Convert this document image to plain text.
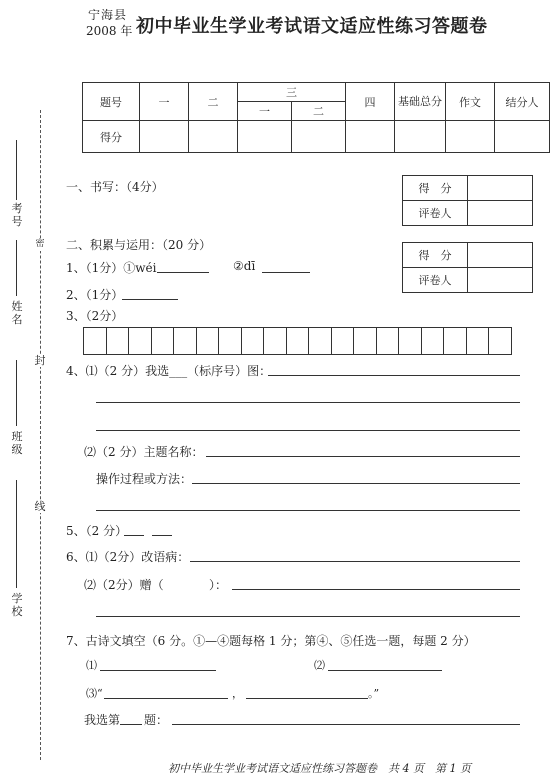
宁海县
2008 年 初中毕业生学业考试语文适应性练习答题卷
题号	一	二	三		四	基础总分	作文	结分人
			一	二				
得分								
考号
姓名
班级
学校
密
封
线
一、书写：（4分）	得　分	
评卷人	
二、积累与运用：（20 分）
得　分	
评卷人	
1、（1分）①wéi	②dī
2、（1分）
3、（2分）
4、⑴（2 分）我选___（标序号）图：
⑵（2 分）主题名称：
操作过程或方法：
5、（2 分）
6、⑴（2分）改语病：
⑵（2分）赠（	）：
7、古诗文填空（6 分。①—④题每格 1 分；第④、⑤任选一题，每题 2 分）
⑴	⑵
⑶“	，	。”
我选第 题：
初中毕业生学业考试语文适应性练习答题卷　共 4 页　第 1 页
